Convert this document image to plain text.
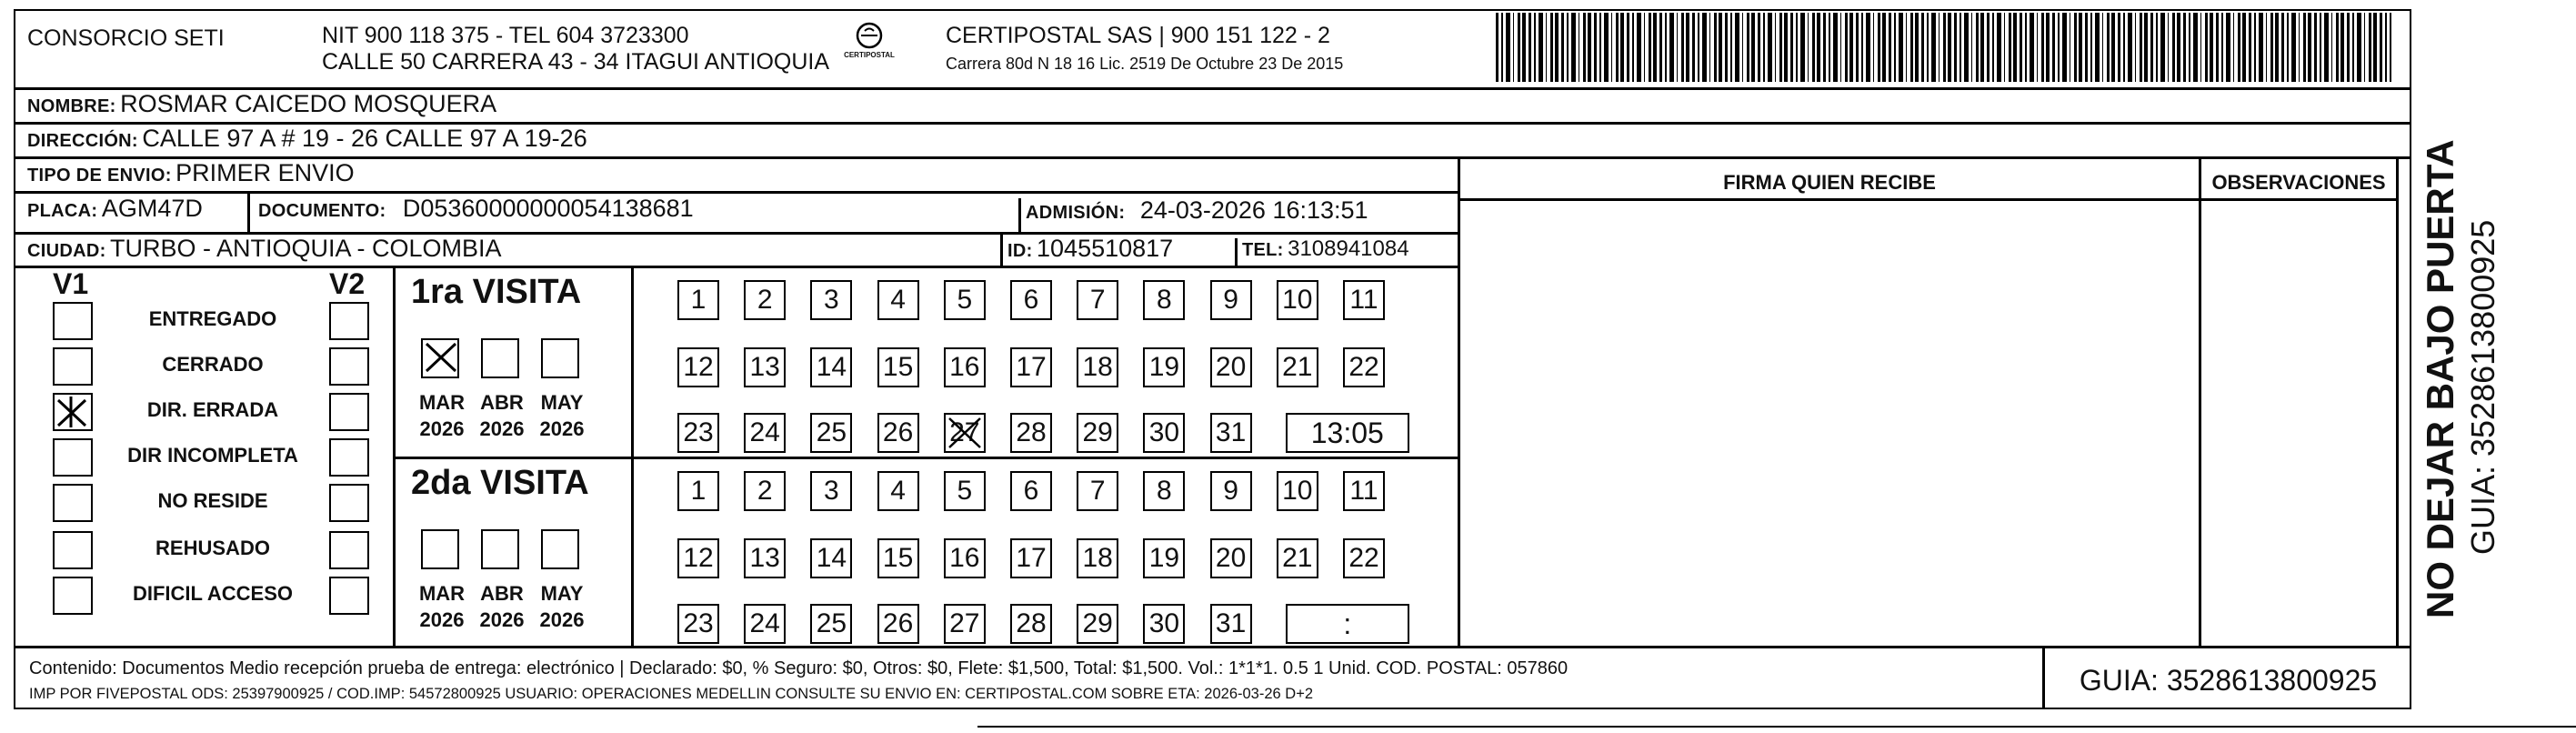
CONSORCIO SETI	NIT 900 118 375 - TEL 604 3723300
CALLE 50 CARRERA 43 - 34 ITAGUI ANTIOQUIA	CERTIPOSTAL
CERTIPOSTAL SAS | 900 151 122 - 2
Carrera 80d N 18 16 Lic. 2519 De Octubre 23 De 2015
NOMBRE: ROSMAR CAICEDO MOSQUERA
DIRECCIÓN: CALLE 97 A # 19 - 26 CALLE 97 A 19-26
TIPO DE ENVIO: PRIMER ENVIO
PLACA: AGM47D	DOCUMENTO: D05360000000054138681	ADMISIÓN: 24-03-2026 16:13:51
CIUDAD: TURBO - ANTIOQUIA - COLOMBIA	ID: 1045510817	TEL: 3108941084
FIRMA QUIEN RECIBE	OBSERVACIONES
V1	V2
ENTREGADO
CERRADO
DIR. ERRADA
DIR INCOMPLETA
NO RESIDE
REHUSADO
DIFICIL ACCESO
1ra VISITA
MAR
2026
ABR
2026
MAY
2026
1	2	3	4	5	6	7	8	9	10 11
12 13 14 15 16 17 18 19 20 21 22
23 24 25 26 27 28 29 30 31	13:05
2da VISITA
MAR
2026
ABR
2026
MAY
2026
1	2	3	4	5	6	7	8	9	10 11
12 13 14 15 16 17 18 19 20 21 22
23 24 25 26 27 28 29 30 31	:
Contenido: Documentos Medio recepción prueba de entrega: electrónico | Declarado: $0, % Seguro: $0, Otros: $0, Flete: $1,500, Total: $1,500. Vol.: 1*1*1. 0.5 1 Unid. COD. POSTAL: 057860
IMP POR FIVEPOSTAL ODS: 25397900925 / COD.IMP: 54572800925 USUARIO: OPERACIONES MEDELLIN CONSULTE SU ENVIO EN: CERTIPOSTAL.COM SOBRE ETA: 2026-03-26 D+2	GUIA: 3528613800925
NO DEJAR BAJO PUERTA GUIA: 3528613800925
